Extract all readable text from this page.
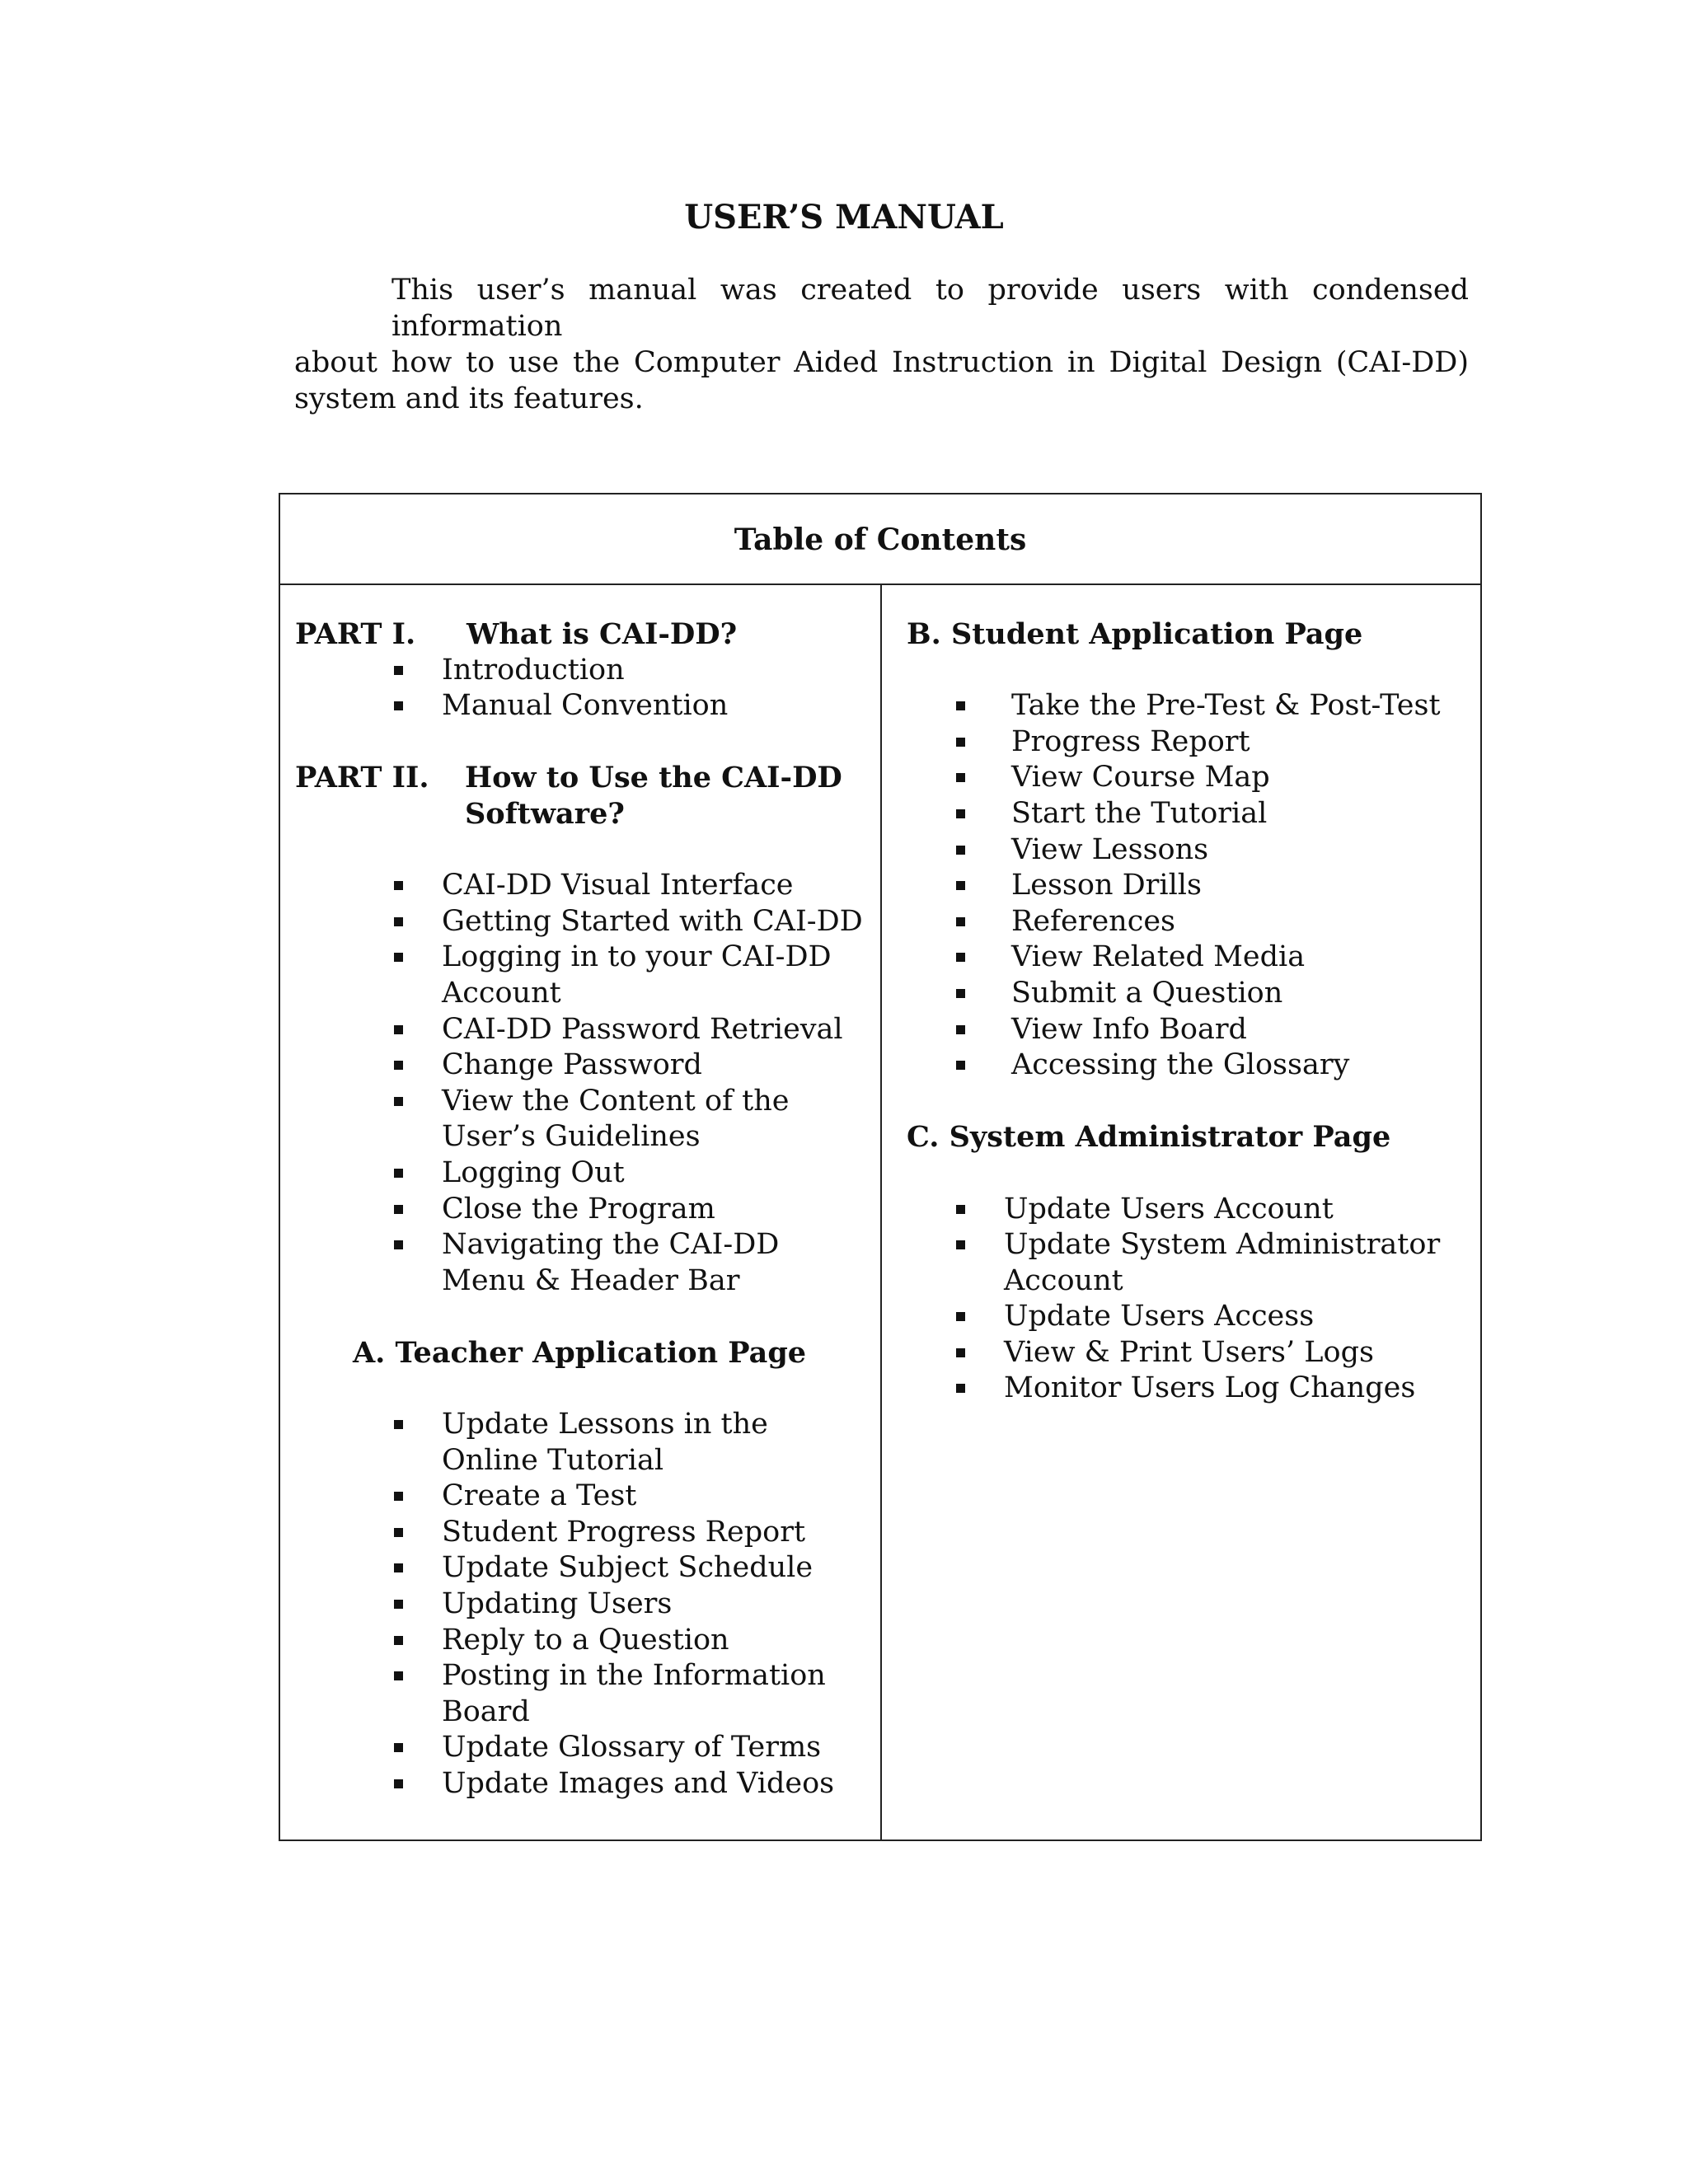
USER’S MANUAL
This user’s manual was created to provide users with condensed information
about how to use the Computer Aided Instruction in Digital Design (CAI-DD)
system and its features.
Table of Contents
PART I. What is CAI-DD?
Introduction
Manual Convention
PART II. How to Use the CAI-DD
Software?
CAI-DD Visual Interface
Getting Started with CAI-DD
Logging in to your CAI-DD Account
CAI-DD Password Retrieval
Change Password
View the Content of the User’s Guidelines
Logging Out
Close the Program
Navigating the CAI-DD Menu & Header Bar
A. Teacher Application Page
Update Lessons in the Online Tutorial
Create a Test
Student Progress Report
Update Subject Schedule
Updating Users
Reply to a Question
Posting in the Information Board
Update Glossary of Terms
Update Images and Videos
B. Student Application Page
Take the Pre-Test & Post-Test
Progress Report
View Course Map
Start the Tutorial
View Lessons
Lesson Drills
References
View Related Media
Submit a Question
View Info Board
Accessing the Glossary
C. System Administrator Page
Update Users Account
Update System Administrator Account
Update Users Access
View & Print Users’ Logs
Monitor Users Log Changes
